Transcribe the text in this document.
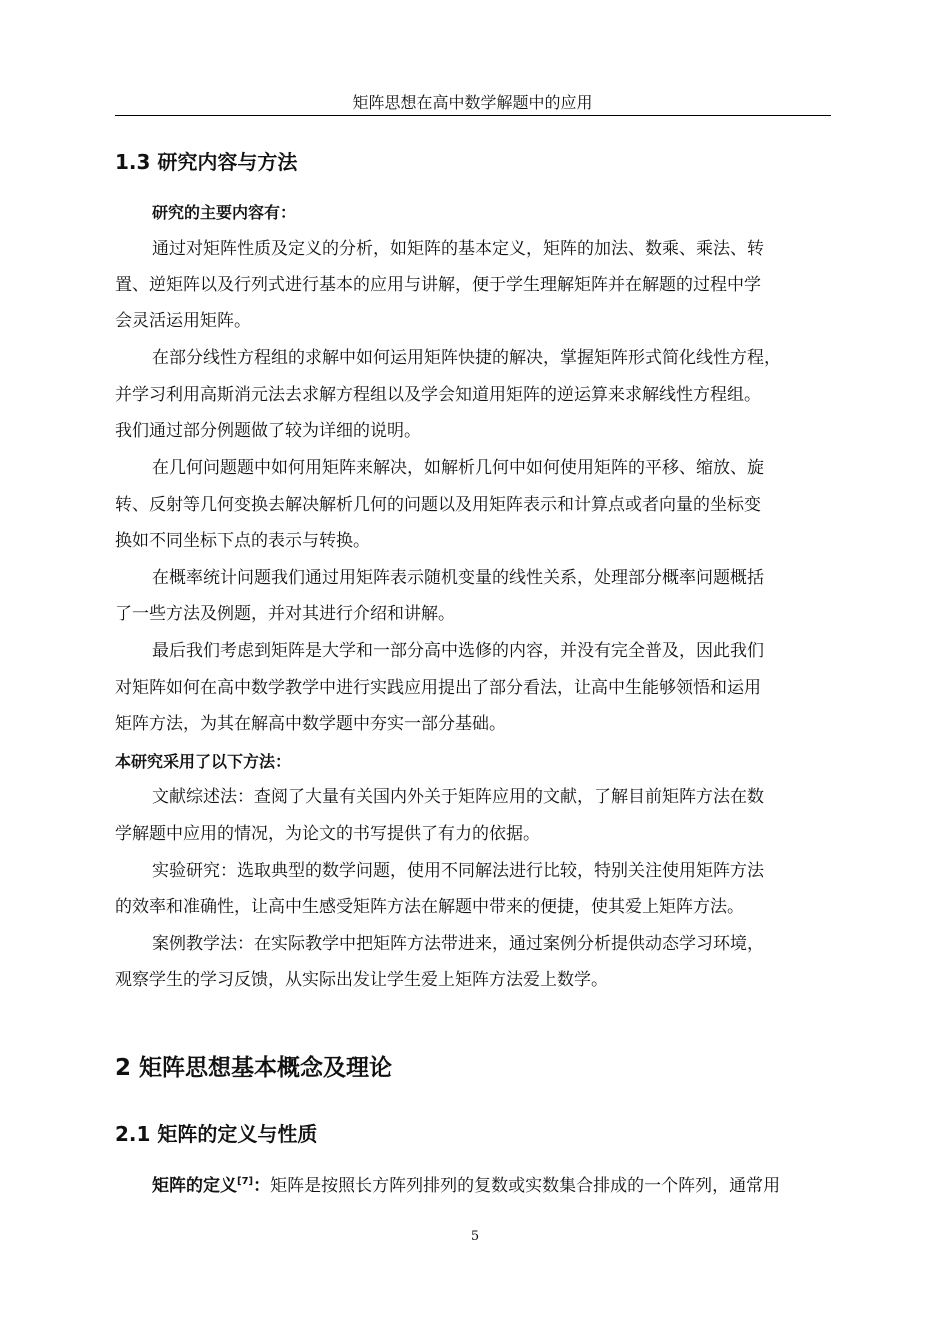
矩阵思想在高中数学解题中的应用
1.3 研究内容与方法
研究的主要内容有：
通过对矩阵性质及定义的分析，如矩阵的基本定义，矩阵的加法、数乘、乘法、转
置、逆矩阵以及行列式进行基本的应用与讲解，便于学生理解矩阵并在解题的过程中学
会灵活运用矩阵。
在部分线性方程组的求解中如何运用矩阵快捷的解决，掌握矩阵形式简化线性方程，
并学习利用高斯消元法去求解方程组以及学会知道用矩阵的逆运算来求解线性方程组。
我们通过部分例题做了较为详细的说明。
在几何问题题中如何用矩阵来解决，如解析几何中如何使用矩阵的平移、缩放、旋
转、反射等几何变换去解决解析几何的问题以及用矩阵表示和计算点或者向量的坐标变
换如不同坐标下点的表示与转换。
在概率统计问题我们通过用矩阵表示随机变量的线性关系，处理部分概率问题概括
了一些方法及例题，并对其进行介绍和讲解。
最后我们考虑到矩阵是大学和一部分高中选修的内容，并没有完全普及，因此我们
对矩阵如何在高中数学教学中进行实践应用提出了部分看法，让高中生能够领悟和运用
矩阵方法，为其在解高中数学题中夯实一部分基础。
本研究采用了以下方法：
文献综述法：查阅了大量有关国内外关于矩阵应用的文献，了解目前矩阵方法在数
学解题中应用的情况，为论文的书写提供了有力的依据。
实验研究：选取典型的数学问题，使用不同解法进行比较，特别关注使用矩阵方法
的效率和准确性，让高中生感受矩阵方法在解题中带来的便捷，使其爱上矩阵方法。
案例教学法：在实际教学中把矩阵方法带进来，通过案例分析提供动态学习环境，
观察学生的学习反馈，从实际出发让学生爱上矩阵方法爱上数学。
2 矩阵思想基本概念及理论
2.1 矩阵的定义与性质
矩阵的定义[7]：矩阵是按照长方阵列排列的复数或实数集合排成的一个阵列，通常用
5
